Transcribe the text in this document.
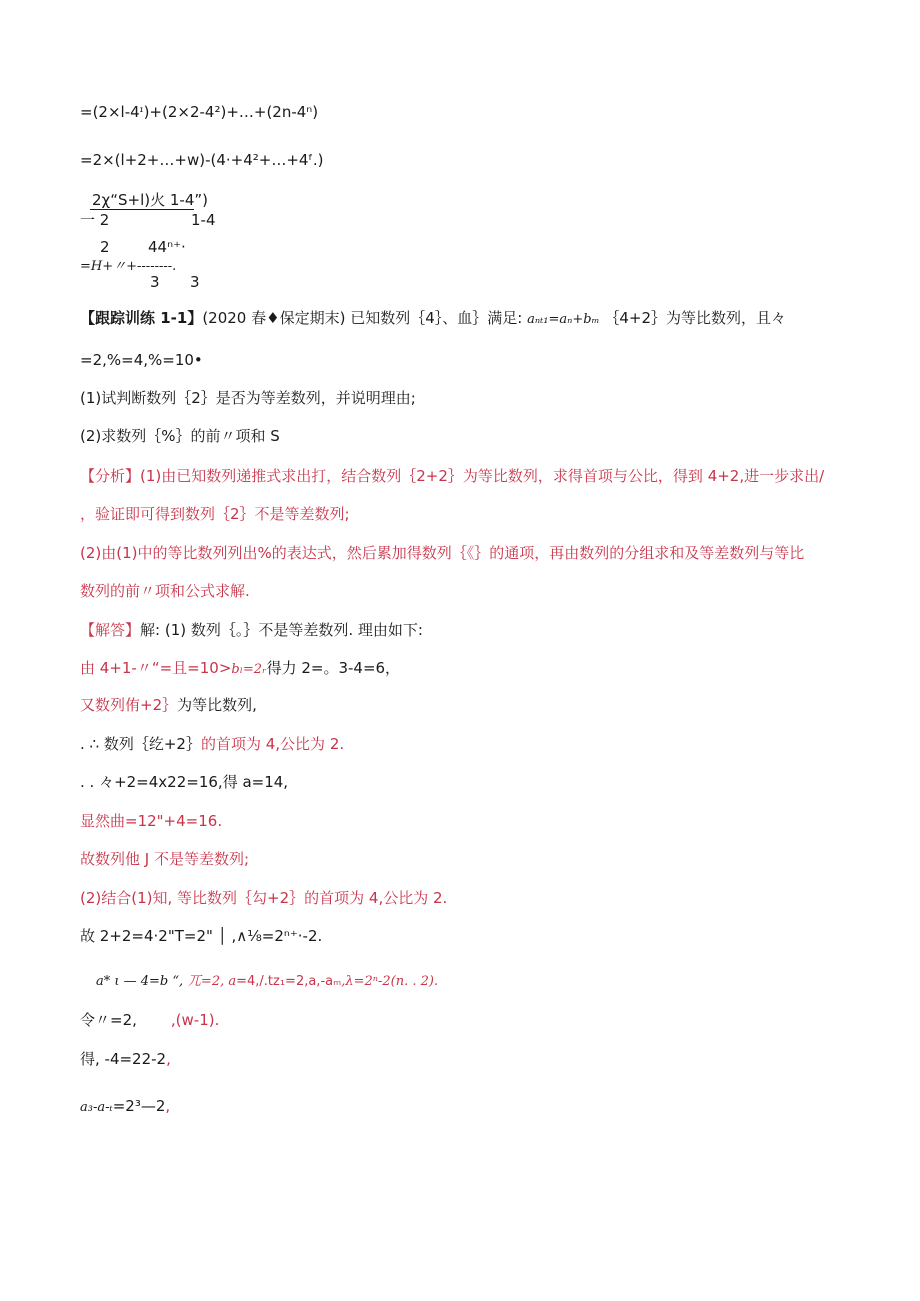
=(2×l-4ᶦ)+(2×2-4²)+…+(2n-4ⁿ)
=2×(l+2+…+w)-(4·+4²+…+4ᶠ.)
2χ“S+l)火 1-4”)
一 2	1-4
2	44ⁿ⁺·
=H+〃+--------.
3 3
【跟踪训练 1-1】(2020 春♦保定期末) 已知数列｛4｝、血｝满足: aₙₜ₁=aₙ+bₘ ｛4+2｝为等比数列，且々
=2,%=4,%=10•
(1)试判断数列｛2｝是否为等差数列，并说明理由;
(2)求数列｛%｝的前〃项和 S
【分析】(1)由已知数列递推式求出打，结合数列｛2+2｝为等比数列，求得首项与公比，得到 4+2,进一步求出/
，验证即可得到数列｛2｝不是等差数列;
(2)由(1)中的等比数列列出%的表达式，然后累加得数列｛《｝的通项，再由数列的分组求和及等差数列与等比
数列的前〃项和公式求解.
【解答】解: (1) 数列｛。｝不是等差数列. 理由如下:
由 4+1-〃“=且=10>bₗ=2ᵣ得力 2=。3-4=6，
又数列侑+2｝为等比数列,
. ∴ 数列｛纥+2｝的首项为 4,公比为 2.
. . 々+2=4x22=16,得 a=14,
显然曲=12"+4=16.
故数列他 J 不是等差数列;
(2)结合(1)知, 等比数列｛勾+2｝的首项为 4,公比为 2.
故 2+2=4·2"T=2" │ ,∧⅛=2ⁿ⁺·-2.
a* ι — 4=b “, 兀=2, a=4,/.tz₁=2,a,-aₘ,λ=2ⁿ-2(n. . 2).
令〃=2, ,(w-1).
得, -4=22-2,
a₃-a-ₜ=2³—2,
